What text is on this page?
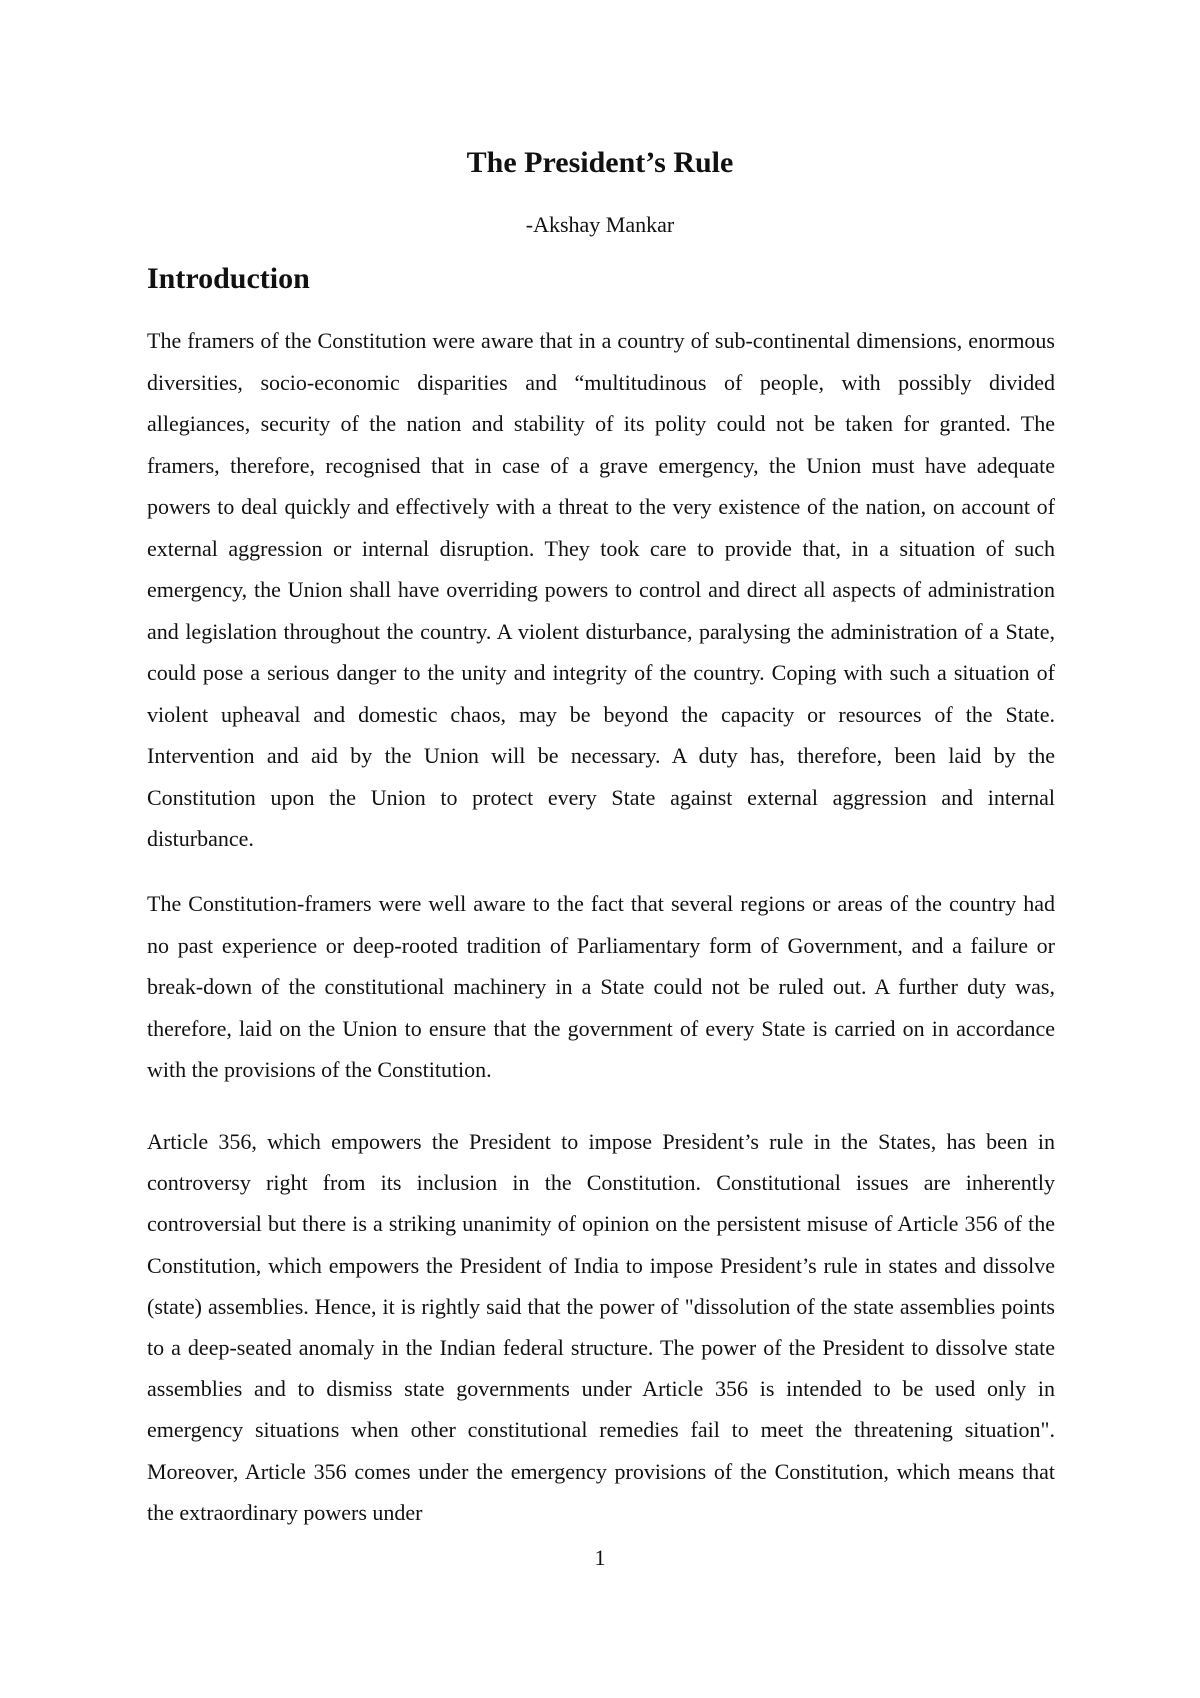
The President’s Rule

-Akshay Mankar

Introduction

The framers of the Constitution were aware that in a country of sub-continental dimensions, enormous diversities, socio-economic disparities and “multitudinous of people, with possibly divided allegiances, security of the nation and stability of its polity could not be taken for granted. The framers, therefore, recognised that in case of a grave emergency, the Union must have adequate powers to deal quickly and effectively with a threat to the very existence of the nation, on account of external aggression or internal disruption. They took care to provide that, in a situation of such emergency, the Union shall have overriding powers to control and direct all aspects of administration and legislation throughout the country. A violent disturbance, paralysing the administration of a State, could pose a serious danger to the unity and integrity of the country. Coping with such a situation of violent upheaval and domestic chaos, may be beyond the capacity or resources of the State. Intervention and aid by the Union will be necessary. A duty has, therefore, been laid by the Constitution upon the Union to protect every State against external aggression and internal disturbance.

The Constitution-framers were well aware to the fact that several regions or areas of the country had no past experience or deep-rooted tradition of Parliamentary form of Government, and a failure or break-down of the constitutional machinery in a State could not be ruled out. A further duty was, therefore, laid on the Union to ensure that the government of every State is carried on in accordance with the provisions of the Constitution.

Article 356, which empowers the President to impose President’s rule in the States, has been in controversy right from its inclusion in the Constitution. Constitutional issues are inherently controversial but there is a striking unanimity of opinion on the persistent misuse of Article 356 of the Constitution, which empowers the President of India to impose President’s rule in states and dissolve (state) assemblies. Hence, it is rightly said that the power of "dissolution of the state assemblies points to a deep-seated anomaly in the Indian federal structure. The power of the President to dissolve state assemblies and to dismiss state governments under Article 356 is intended to be used only in emergency situations when other constitutional remedies fail to meet the threatening situation". Moreover, Article 356 comes under the emergency provisions of the Constitution, which means that the extraordinary powers under

1
